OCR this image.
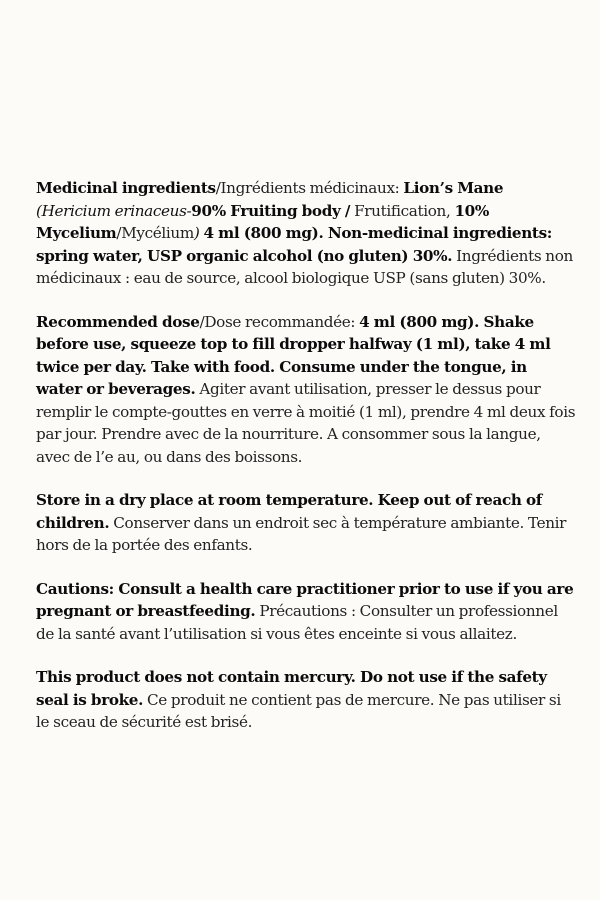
Medicinal ingredients/Ingrédients médicinaux: Lion’s Mane (Hericium erinaceus-90% Fruiting body / Frutification, 10% Mycelium/Mycélium) 4 ml (800 mg). Non-medicinal ingredients: spring water, USP organic alcohol (no gluten) 30%. Ingrédients non médicinaux : eau de source, alcool biologique USP (sans gluten) 30%.

Recommended dose/Dose recommandée: 4 ml (800 mg). Shake before use, squeeze top to fill dropper halfway (1 ml), take 4 ml twice per day. Take with food. Consume under the tongue, in water or beverages. Agiter avant utilisation, presser le dessus pour remplir le compte-gouttes en verre à moitié (1 ml), prendre 4 ml deux fois par jour. Prendre avec de la nourriture. A consommer sous la langue, avec de l’e au, ou dans des boissons.

Store in a dry place at room temperature. Keep out of reach of children. Conserver dans un endroit sec à température ambiante. Tenir hors de la portée des enfants.

Cautions: Consult a health care practitioner prior to use if you are pregnant or breastfeeding. Précautions : Consulter un professionnel de la santé avant l’utilisation si vous êtes enceinte si vous allaitez.

This product does not contain mercury. Do not use if the safety seal is broke. Ce produit ne contient pas de mercure. Ne pas utiliser si le sceau de sécurité est brisé.
